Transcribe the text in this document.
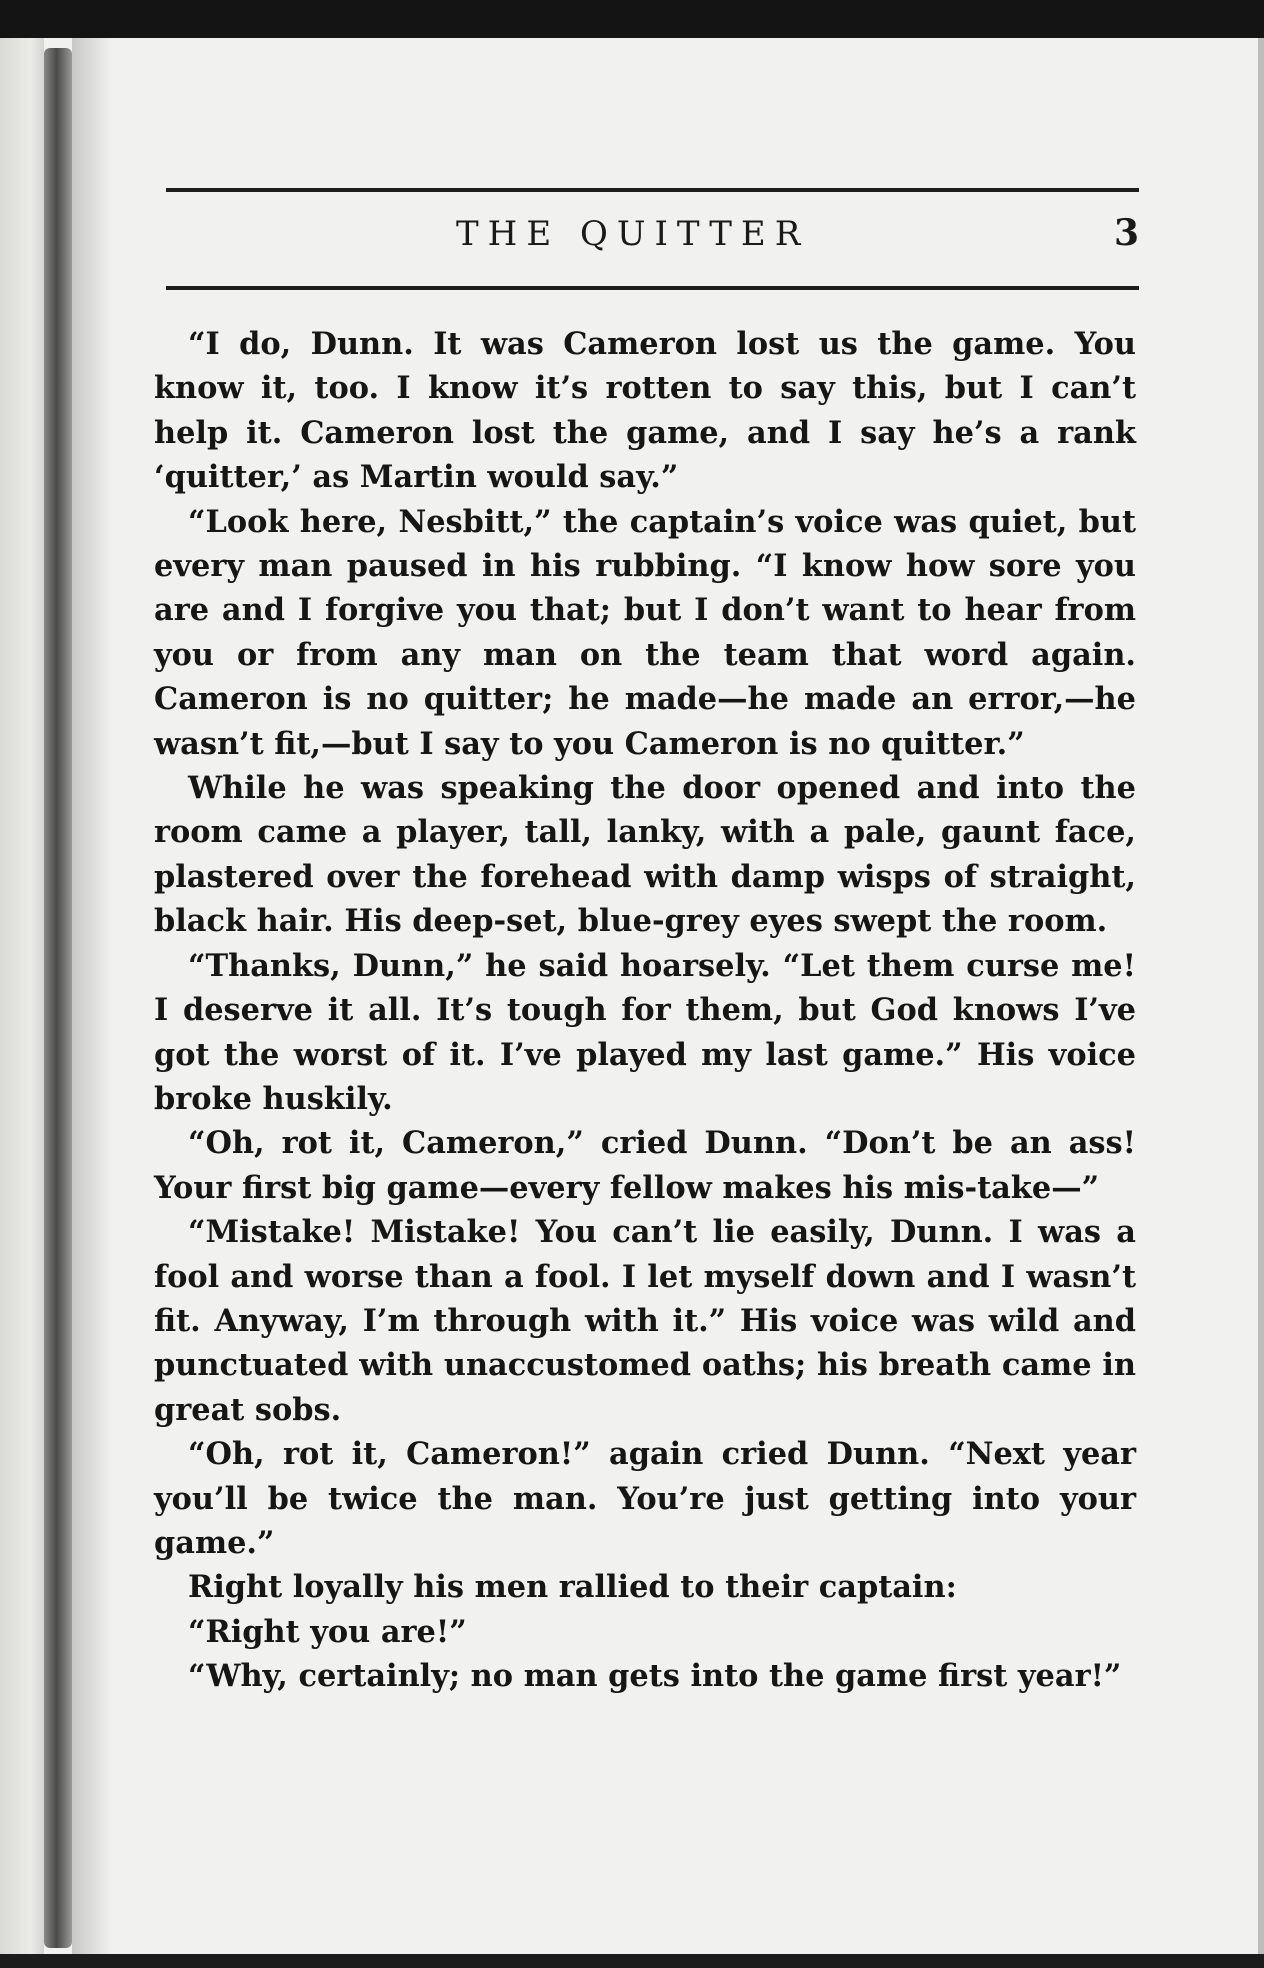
THE QUITTER	3

“I do, Dunn. It was Cameron lost us the game. You know it, too. I know it’s rotten to say this, but I can’t help it. Cameron lost the game, and I say he’s a rank ‘quitter,’ as Martin would say.”

“Look here, Nesbitt,” the captain’s voice was quiet, but every man paused in his rubbing. “I know how sore you are and I forgive you that; but I don’t want to hear from you or from any man on the team that word again. Cameron is no quitter; he made—he made an error,—he wasn’t fit,—but I say to you Cameron is no quitter.”

While he was speaking the door opened and into the room came a player, tall, lanky, with a pale, gaunt face, plastered over the forehead with damp wisps of straight, black hair. His deep-set, blue-grey eyes swept the room.

“Thanks, Dunn,” he said hoarsely. “Let them curse me! I deserve it all. It’s tough for them, but God knows I’ve got the worst of it. I’ve played my last game.” His voice broke huskily.

“Oh, rot it, Cameron,” cried Dunn. “Don’t be an ass! Your first big game—every fellow makes his mis-take—”

“Mistake! Mistake! You can’t lie easily, Dunn. I was a fool and worse than a fool. I let myself down and I wasn’t fit. Anyway, I’m through with it.” His voice was wild and punctuated with unaccustomed oaths; his breath came in great sobs.

“Oh, rot it, Cameron!” again cried Dunn. “Next year you’ll be twice the man. You’re just getting into your game.”

Right loyally his men rallied to their captain:

“Right you are!”

“Why, certainly; no man gets into the game first year!”
